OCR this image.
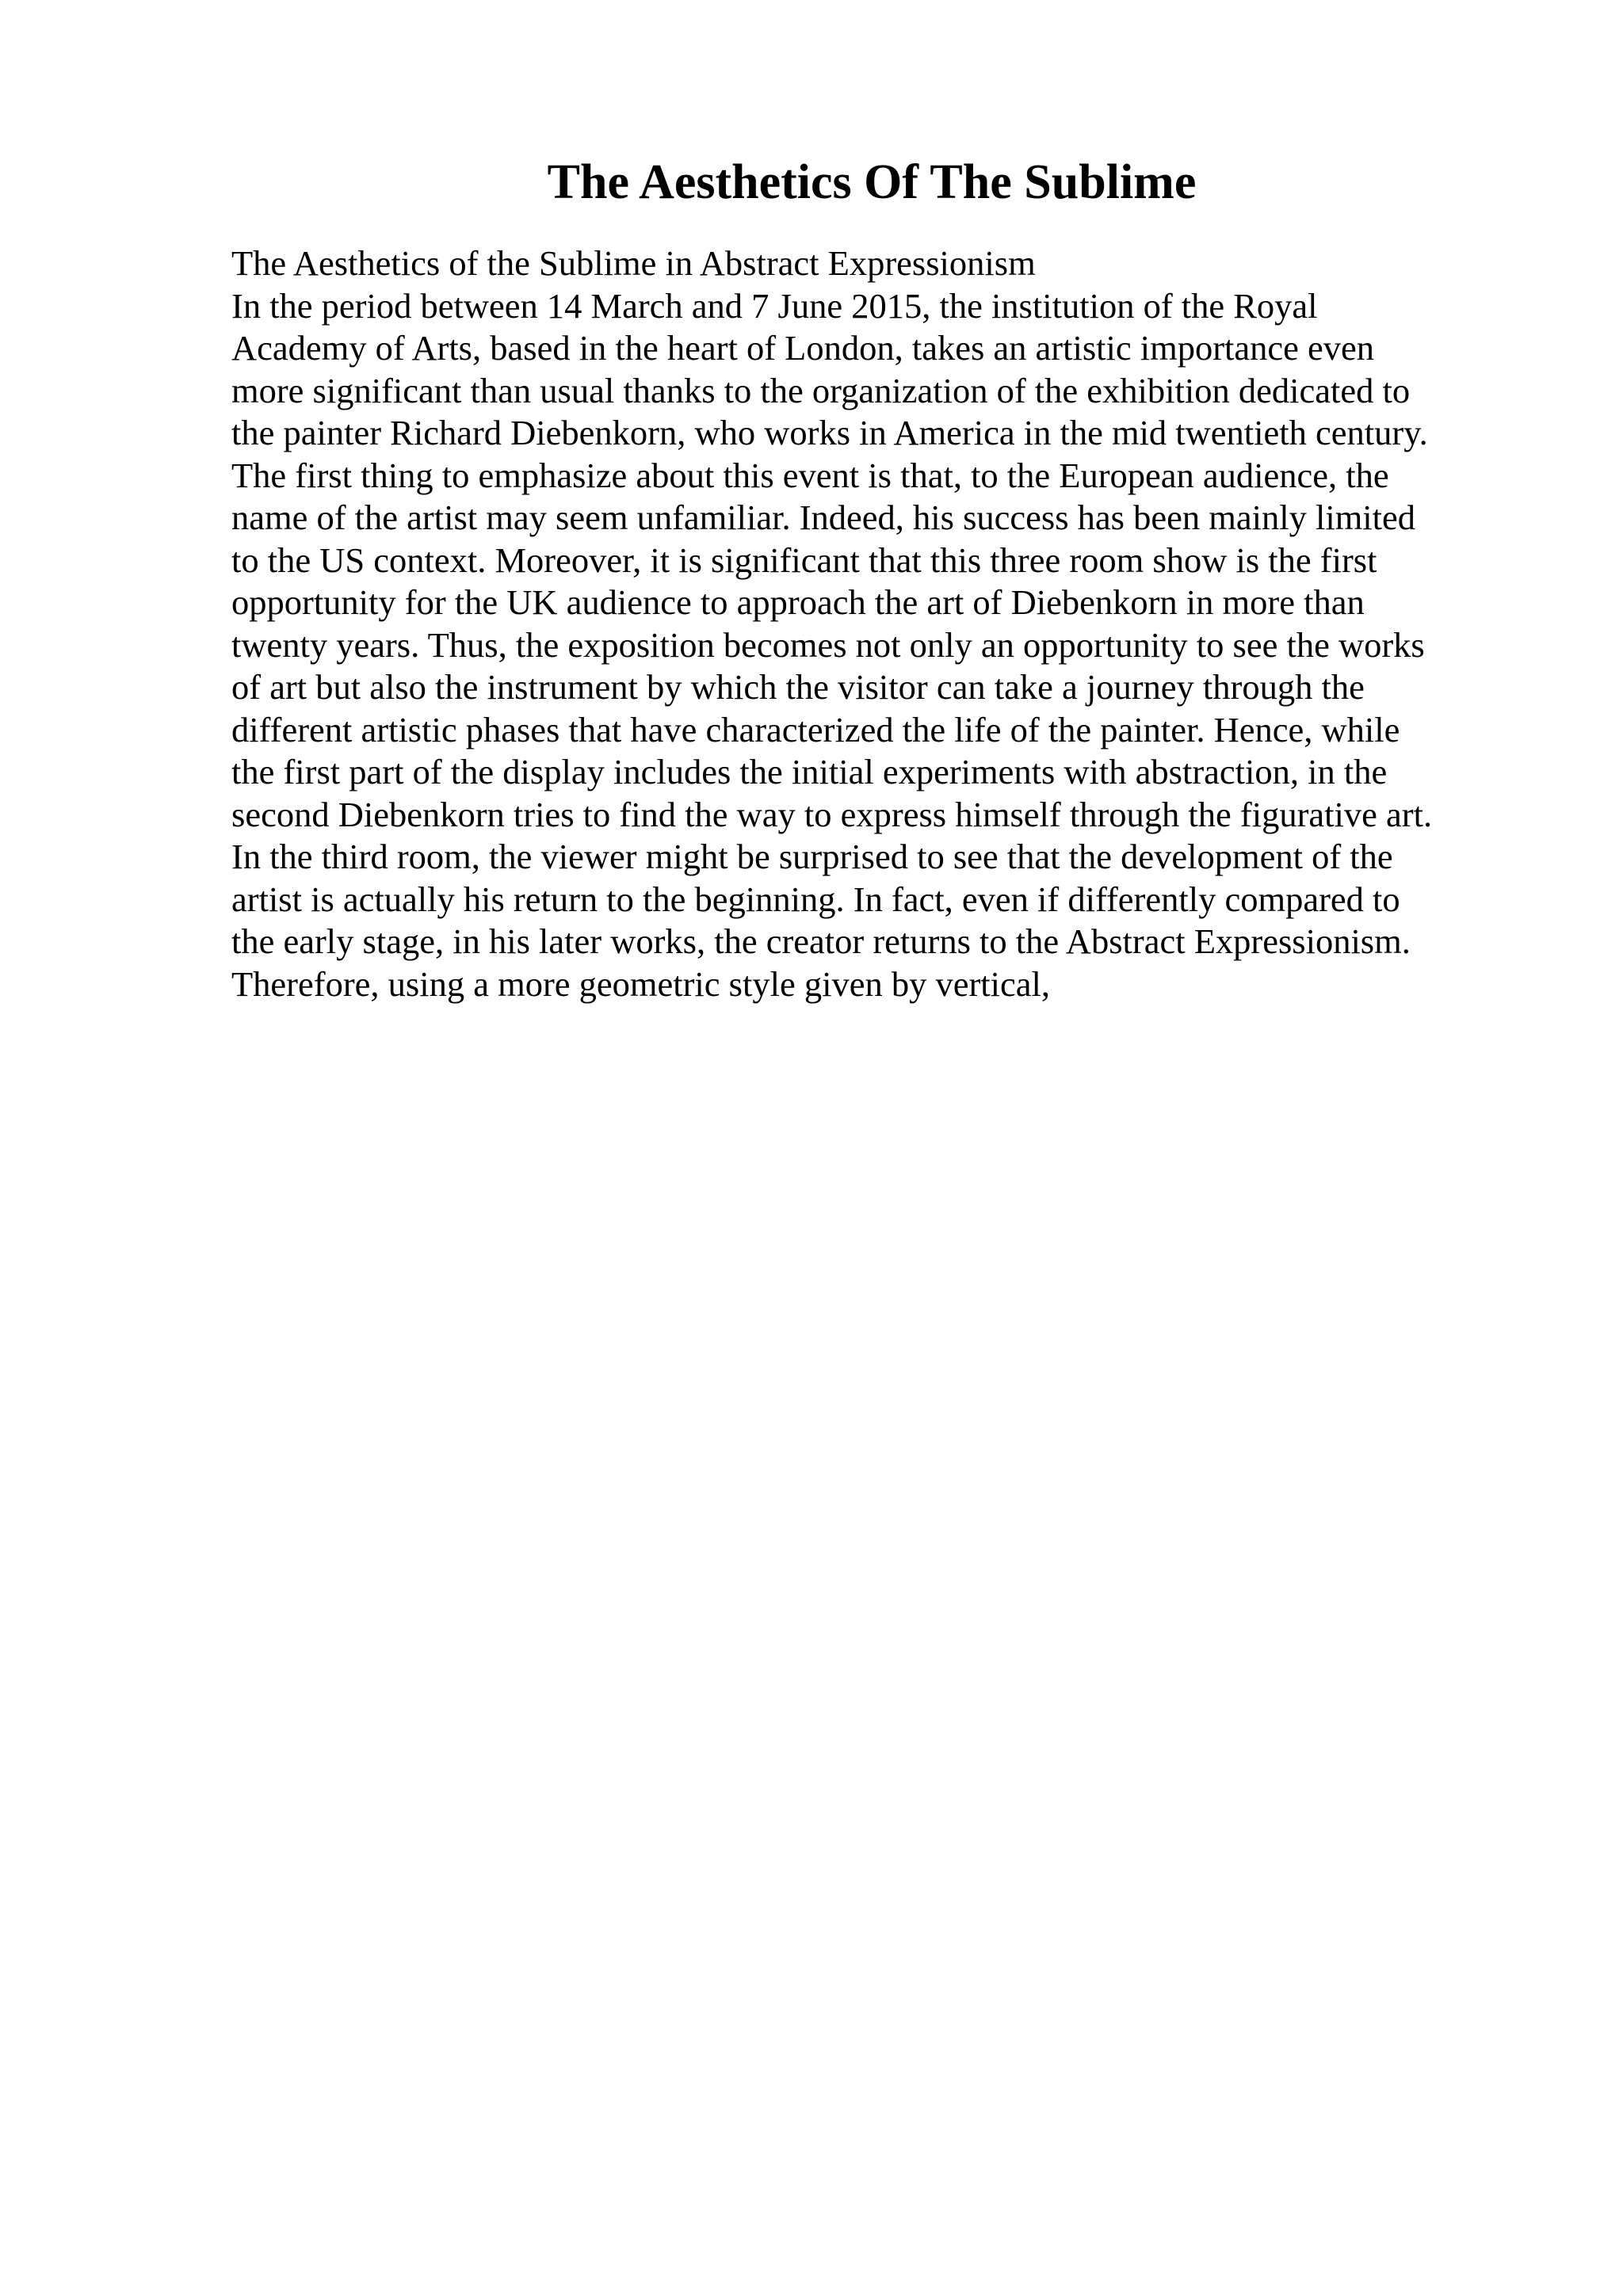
The Aesthetics Of The Sublime
The Aesthetics of the Sublime in Abstract Expressionism
In the period between 14 March and 7 June 2015, the institution of the Royal
Academy of Arts, based in the heart of London, takes an artistic importance even
more significant than usual thanks to the organization of the exhibition dedicated to
the painter Richard Diebenkorn, who works in America in the mid twentieth century.
The first thing to emphasize about this event is that, to the European audience, the
name of the artist may seem unfamiliar. Indeed, his success has been mainly limited
to the US context. Moreover, it is significant that this three room show is the first
opportunity for the UK audience to approach the art of Diebenkorn in more than
twenty years. Thus, the exposition becomes not only an opportunity to see the works
of art but also the instrument by which the visitor can take a journey through the
different artistic phases that have characterized the life of the painter. Hence, while
the first part of the display includes the initial experiments with abstraction, in the
second Diebenkorn tries to find the way to express himself through the figurative art.
In the third room, the viewer might be surprised to see that the development of the
artist is actually his return to the beginning. In fact, even if differently compared to
the early stage, in his later works, the creator returns to the Abstract Expressionism.
Therefore, using a more geometric style given by vertical,
